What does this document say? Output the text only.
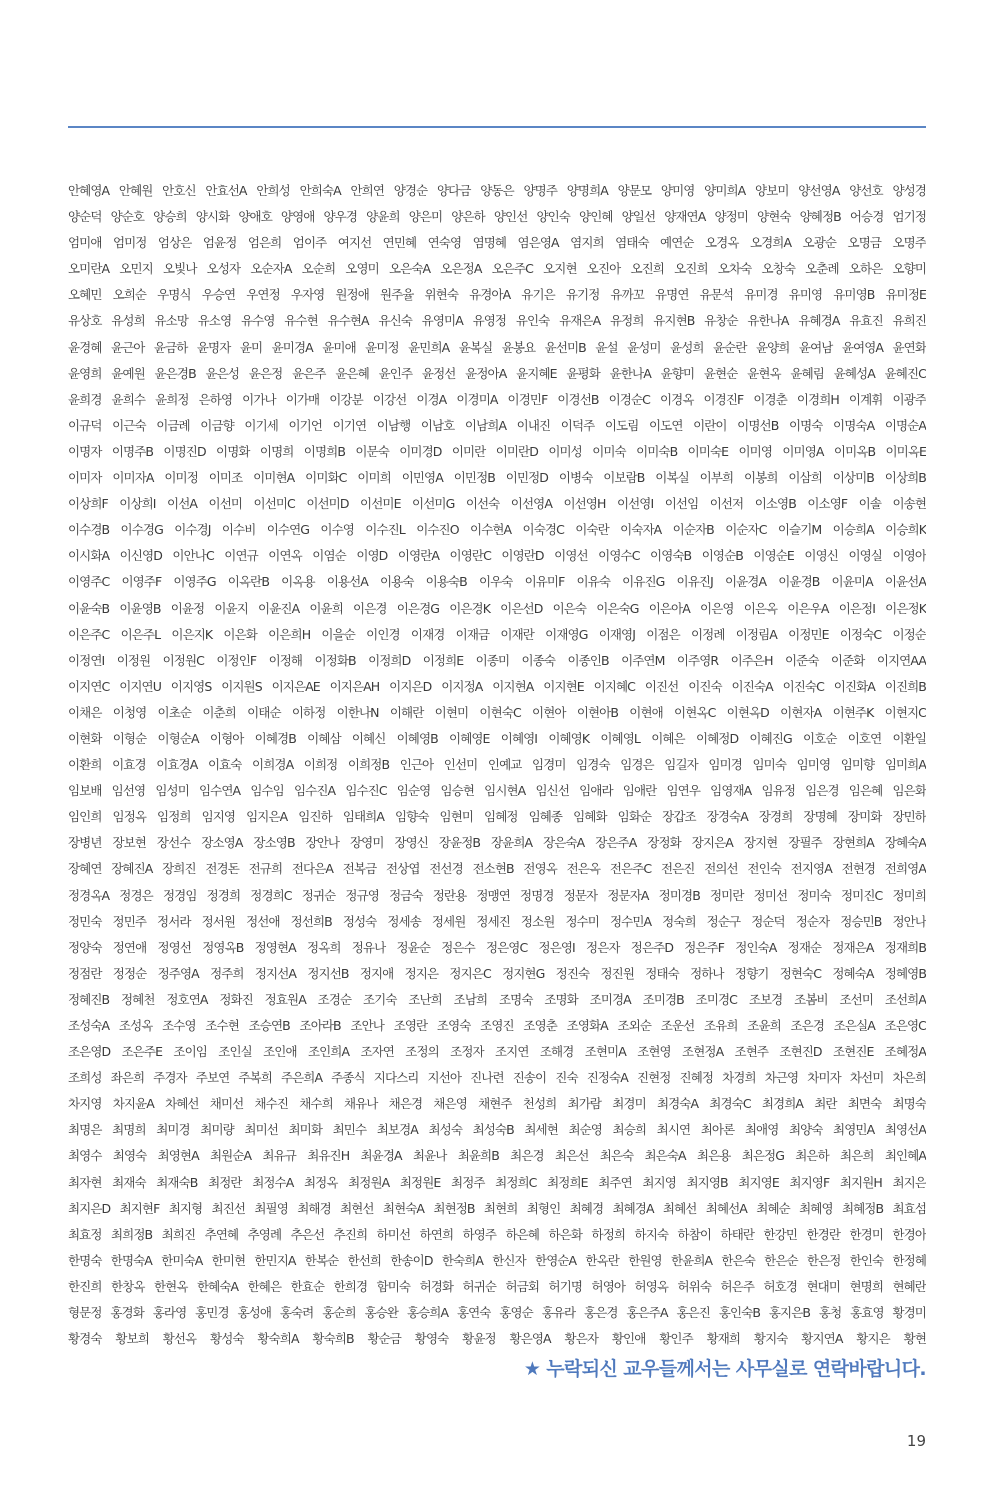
안혜영A 안혜원 안호신 안효선A 안희성 안희숙A 안희연 양경순 양다금 양동은 양명주 양명희A 양문모 양미영 양미희A 양보미 양선영A 양선호 양성경
양순덕 양순호 양승희 양시화 양애호 양영애 양우경 양윤희 양은미 양은하 양인선 양인숙 양인혜 양일선 양재연A 양정미 양현숙 양혜정B 어승경 엄기정
엄미애 엄미정 엄상은 엄윤정 엄은희 엄이주 여지선 연민혜 연숙영 염명혜 염은영A 염지희 염태숙 예연순 오경옥 오경희A 오광순 오명금 오명주
오미란A 오민지 오빛나 오성자 오순자A 오순희 오영미 오은숙A 오은정A 오은주C 오지현 오진아 오진희 오진희 오차숙 오창숙 오춘례 오하은 오향미
오혜민 오희순 우명식 우승연 우연정 우자영 원정애 원주율 위현숙 유경아A 유기은 유기정 유까꼬 유명연 유문석 유미경 유미영 유미영B 유미정E
유상호 유성희 유소망 유소영 유수영 유수현 유수현A 유신숙 유영미A 유영정 유인숙 유재은A 유정희 유지현B 유창순 유한나A 유혜경A 유효진 유희진
윤경혜 윤근아 윤금하 윤명자 윤미 윤미경A 윤미애 윤미정 윤민희A 윤복실 윤봉요 윤선미B 윤설 윤성미 윤성희 윤순란 윤양희 윤여남 윤여영A 윤연화
윤영희 윤예원 윤은경B 윤은성 윤은정 윤은주 윤은혜 윤인주 윤정선 윤정아A 윤지혜E 윤평화 윤한나A 윤향미 윤현순 윤현옥 윤혜림 윤혜성A 윤혜진C
윤희경 윤희수 윤희정 은하영 이가나 이가매 이강분 이강선 이경A 이경미A 이경민F 이경선B 이경순C 이경옥 이경진F 이경춘 이경희H 이계휘 이광주
이규덕 이근숙 이금례 이금향 이기세 이기언 이기연 이남행 이남호 이남희A 이내진 이덕주 이도림 이도연 이란이 이명선B 이명숙 이명숙A 이명순A
이명자 이명주B 이명진D 이명화 이명희 이명희B 이문숙 이미경D 이미란 이미란D 이미성 이미숙 이미숙B 이미숙E 이미영 이미영A 이미옥B 이미옥E
이미자 이미자A 이미정 이미조 이미현A 이미화C 이미희 이민영A 이민정B 이민정D 이병숙 이보람B 이복실 이부희 이봉희 이삼희 이상미B 이상희B
이상희F 이상희I 이선A 이선미 이선미C 이선미D 이선미E 이선미G 이선숙 이선영A 이선영H 이선영I 이선임 이선저 이소영B 이소영F 이솔 이송현
이수경B 이수경G 이수경J 이수비 이수연G 이수영 이수진L 이수진O 이수현A 이숙경C 이숙란 이숙자A 이순자B 이순자C 이슬기M 이승희A 이승희K
이시화A 이신영D 이안나C 이연규 이연옥 이염순 이영D 이영란A 이영란C 이영란D 이영선 이영수C 이영숙B 이영순B 이영순E 이영신 이영실 이영아
이영주C 이영주F 이영주G 이옥란B 이옥용 이용선A 이용숙 이용숙B 이우숙 이유미F 이유숙 이유진G 이유진J 이윤경A 이윤경B 이윤미A 이윤선A
이윤숙B 이윤영B 이윤정 이윤지 이윤진A 이윤희 이은경 이은경G 이은경K 이은선D 이은숙 이은숙G 이은아A 이은영 이은옥 이은우A 이은정I 이은정K
이은주C 이은주L 이은지K 이은화 이은희H 이을순 이인경 이재경 이재금 이재란 이재영G 이재영J 이점은 이정례 이정림A 이정민E 이정숙C 이정순
이정연I 이정원 이정원C 이정인F 이정해 이정화B 이정희D 이정희E 이종미 이종숙 이종인B 이주연M 이주영R 이주은H 이준숙 이준화 이지연AA
이지연C 이지연U 이지영S 이지원S 이지은AE 이지은AH 이지은D 이지정A 이지현A 이지현E 이지혜C 이진선 이진숙 이진숙A 이진숙C 이진화A 이진희B
이채은 이청영 이초순 이춘희 이태순 이하정 이한나N 이해란 이현미 이현숙C 이현아 이현아B 이현애 이현옥C 이현옥D 이현자A 이현주K 이현지C
이현화 이형순 이형순A 이형아 이혜경B 이혜삼 이혜신 이혜영B 이혜영E 이혜영I 이혜영K 이혜영L 이혜은 이혜정D 이혜진G 이호순 이호연 이환일
이환희 이효경 이효경A 이효숙 이희경A 이희정 이희정B 인근아 인선미 인예교 임경미 임경숙 임경은 임길자 임미경 임미숙 임미영 임미향 임미희A
임보배 임선영 임성미 임수연A 임수임 임수진A 임수진C 임순영 임승현 임시현A 임신선 임애라 임애란 임연우 임영재A 임유정 임은경 임은혜 임은화
임인희 임정옥 임정희 임지영 임지은A 임진하 임태희A 임향숙 임현미 임혜정 임혜종 임혜화 임화순 장갑조 장경숙A 장경희 장명혜 장미화 장민하
장병년 장보현 장선수 장소영A 장소영B 장안나 장영미 장영신 장윤정B 장윤희A 장은숙A 장은주A 장정화 장지은A 장지현 장필주 장현희A 장혜숙A
장혜연 장혜진A 장희진 전경돈 전규희 전다은A 전복금 전상엽 전선경 전소현B 전영옥 전은옥 전은주C 전은진 전의선 전인숙 전지영A 전현경 전희영A
정경옥A 정경은 정경임 정경희 정경희C 정귀순 정규영 정금숙 정란용 정맹연 정명경 정문자 정문자A 정미경B 정미란 정미선 정미숙 정미진C 정미희
정민숙 정민주 정서라 정서원 정선애 정선희B 정성숙 정세송 정세원 정세진 정소원 정수미 정수민A 정숙희 정순구 정순덕 정순자 정승민B 정안나
정양숙 정연애 정영선 정영옥B 정영현A 정옥희 정유나 정윤순 정은수 정은영C 정은영I 정은자 정은주D 정은주F 정인숙A 정재순 정재은A 정재희B
정점란 정정순 정주영A 정주희 정지선A 정지선B 정지애 정지은 정지은C 정지현G 정진숙 정진원 정태숙 정하나 정향기 정현숙C 정혜숙A 정혜영B
정혜진B 정혜천 정호연A 정화진 정효원A 조경순 조기숙 조난희 조남희 조명숙 조명화 조미경A 조미경B 조미경C 조보경 조봄비 조선미 조선희A
조성숙A 조성옥 조수영 조수현 조승연B 조아라B 조안나 조영란 조영숙 조영진 조영춘 조영화A 조외순 조운선 조유희 조윤희 조은경 조은실A 조은영C
조은영D 조은주E 조이임 조인실 조인애 조인희A 조자연 조정의 조정자 조지연 조해경 조현미A 조현영 조현정A 조현주 조현진D 조현진E 조혜정A
조희성 좌은희 주경자 주보연 주복희 주은희A 주종식 지다스리 지선아 진나련 진송이 진숙 진정숙A 진현정 진혜정 차경희 차근영 차미자 차선미 차은희
차지영 차지윤A 차혜선 채미선 채수진 채수희 채유나 채은경 채은영 채현주 천성희 최가람 최경미 최경숙A 최경숙C 최경희A 최란 최면숙 최명숙
최명은 최명희 최미경 최미량 최미선 최미화 최민수 최보경A 최성숙 최성숙B 최세현 최순영 최승희 최시연 최아론 최애영 최양숙 최영민A 최영선A
최영수 최영숙 최영현A 최원순A 최유규 최유진H 최윤경A 최윤나 최윤희B 최은경 최은선 최은숙 최은숙A 최은용 최은정G 최은하 최은희 최인혜A
최자현 최재숙 최재숙B 최정란 최정수A 최정옥 최정원A 최정원E 최정주 최정희C 최정희E 최주연 최지영 최지영B 최지영E 최지영F 최지원H 최지은
최지은D 최지현F 최지형 최진선 최필영 최해경 최현선 최현숙A 최현정B 최현희 최형인 최혜경 최혜경A 최혜선 최혜선A 최혜순 최혜영 최혜정B 최효섬
최효정 최희정B 최희진 추연혜 추영례 추은선 추진희 하미선 하연희 하영주 하은혜 하은화 하정희 하지숙 하참이 하태란 한강민 한경란 한경미 한경아
한명숙 한명숙A 한미숙A 한미현 한민지A 한복순 한선희 한송이D 한숙희A 한신자 한영순A 한옥란 한원영 한윤희A 한은숙 한은순 한은정 한인숙 한정혜
한진희 한창옥 한현옥 한혜숙A 한혜은 한효순 한희경 함미숙 허경화 허귀순 허금회 허기명 허영아 허영옥 허위숙 허은주 허호경 현대미 현명희 현혜란
형문정 홍경화 홍라영 홍민경 홍성애 홍숙려 홍순희 홍승완 홍승희A 홍연숙 홍영순 홍유라 홍은경 홍은주A 홍은진 홍인숙B 홍지은B 홍청 홍효영 황경미
황경숙 황보희 황선옥 황성숙 황숙희A 황숙희B 황순금 황영숙 황윤정 황은영A 황은자 황인애 황인주 황재희 황지숙 황지연A 황지은 황현
★ 누락되신 교우들께서는 사무실로 연락바랍니다.
19
